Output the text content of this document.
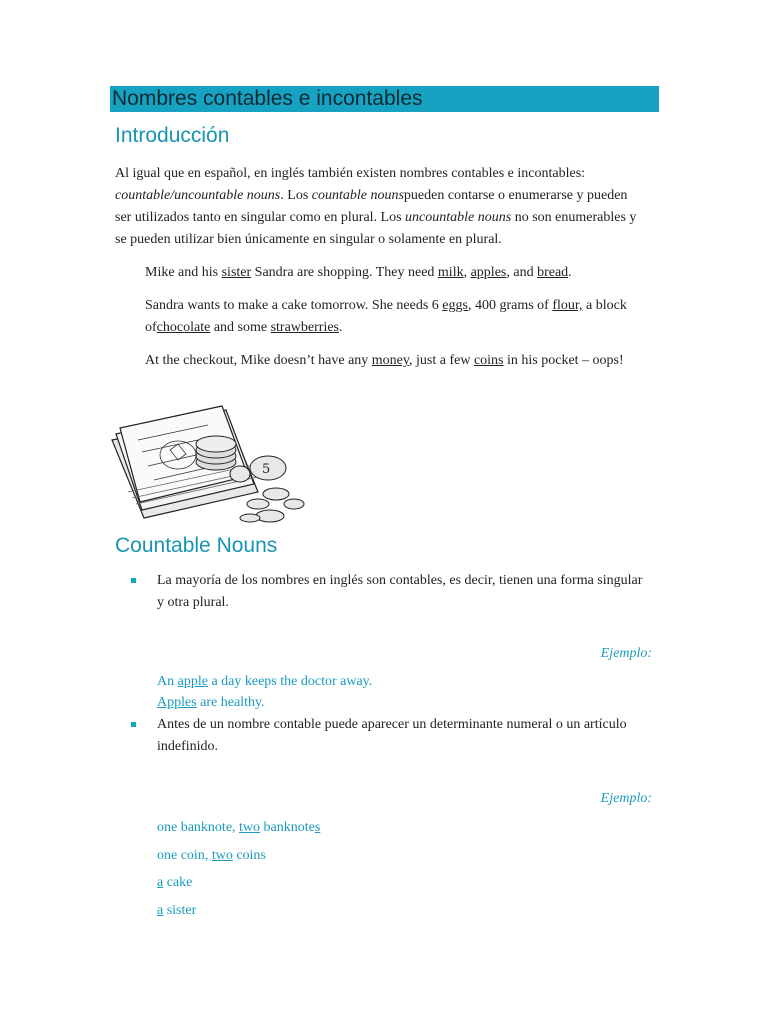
Nombres contables e incontables
Introducción

Al igual que en español, en inglés también existen nombres contables e incontables: countable/uncountable nouns. Los countable nounspueden contarse o enumerarse y pueden ser utilizados tanto en singular como en plural. Los uncountable nouns no son enumerables y se pueden utilizar bien únicamente en singular o solamente en plural.

Mike and his sister Sandra are shopping. They need milk, apples, and bread.
Sandra wants to make a cake tomorrow. She needs 6 eggs, 400 grams of flour, a block ofchocolate and some strawberries.
At the checkout, Mike doesn’t have any money, just a few coins in his pocket – oops!
5
Countable Nouns
La mayoría de los nombres en inglés son contables, es decir, tienen una forma singular y otra plural.
Ejemplo:
An apple a day keeps the doctor away.
Apples are healthy.
Antes de un nombre contable puede aparecer un determinante numeral o un artículo indefinido.
Ejemplo:
one banknote, two banknotes
one coin, two coins
a cake
a sister
